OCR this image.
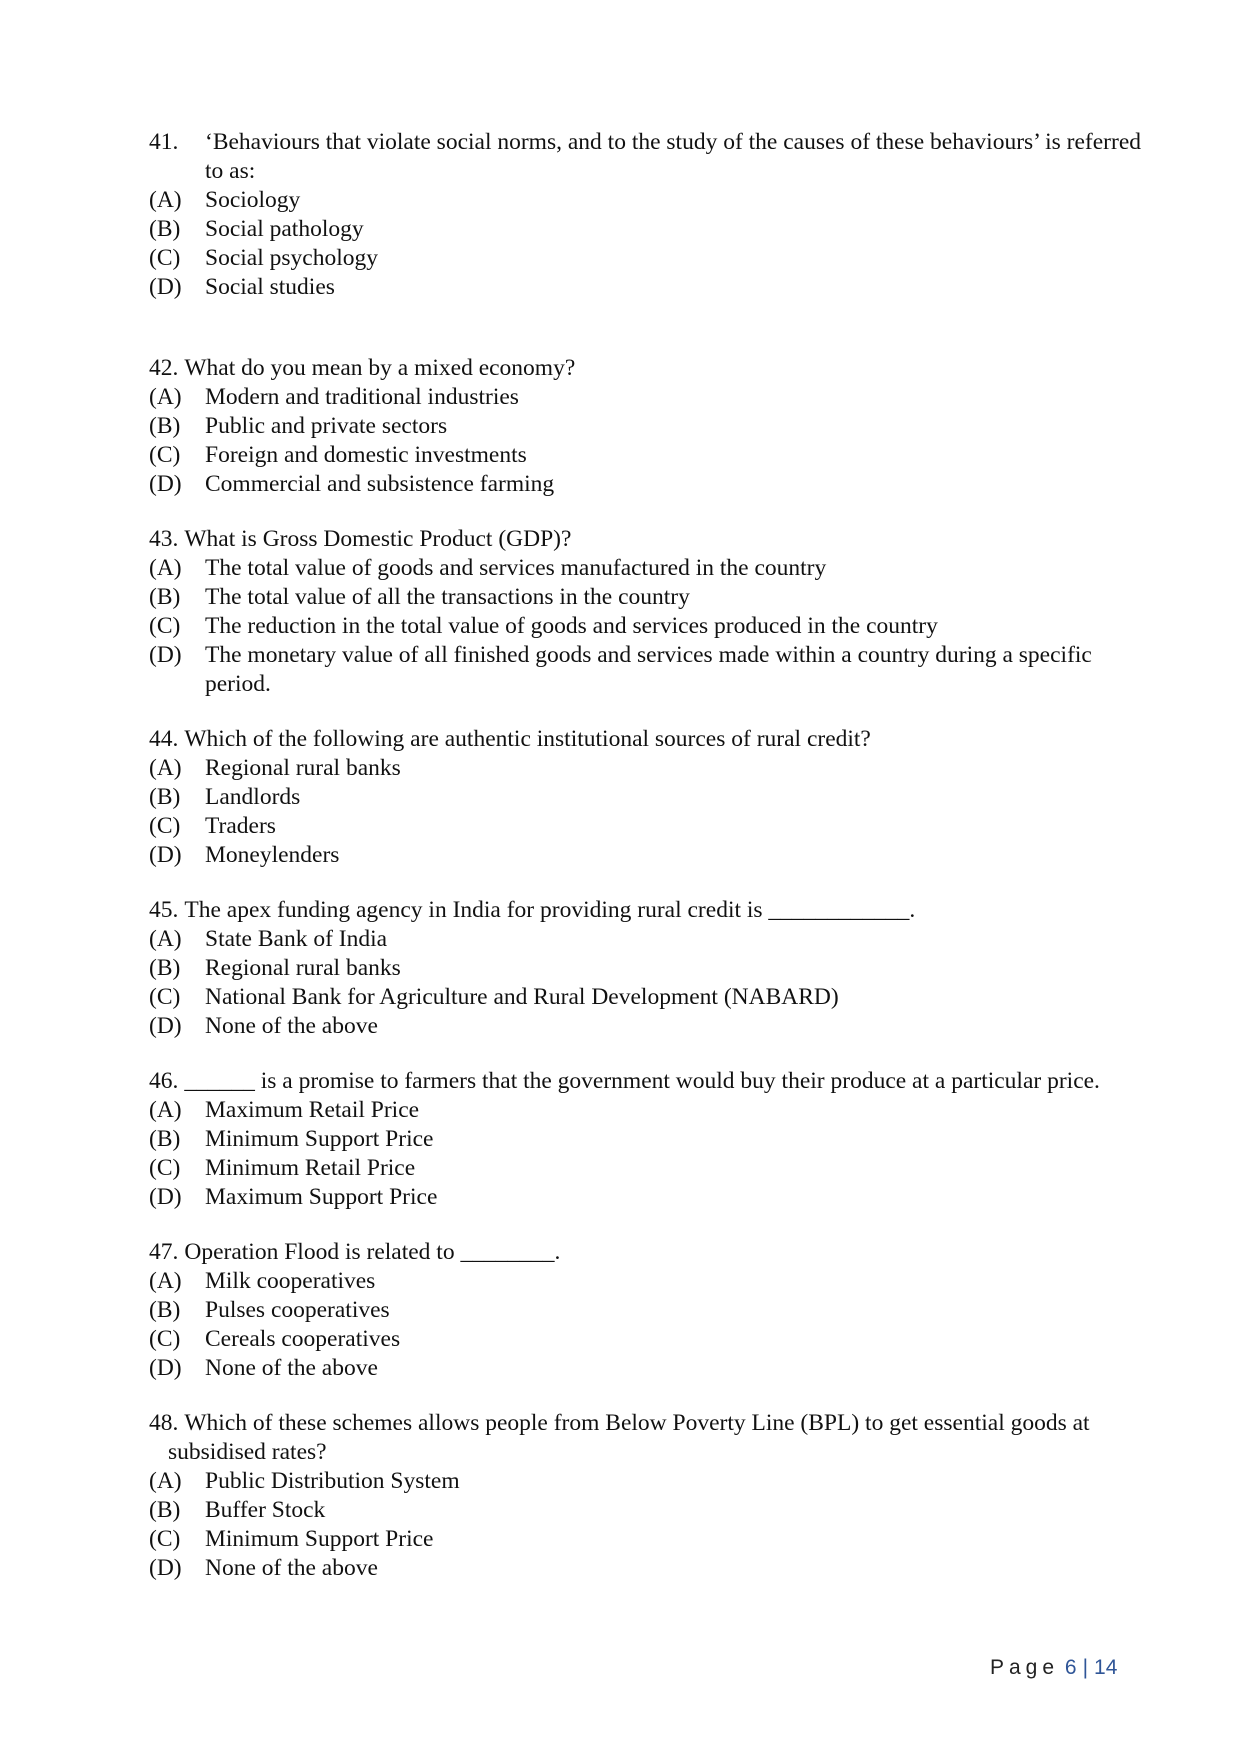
41.	‘Behaviours that violate social norms, and to the study of the causes of these behaviours’ is referred to as:
(A) Sociology
(B)	Social pathology
(C)	Social psychology
(D) Social studies
42. What do you mean by a mixed economy?
(A) Modern and traditional industries
(B)	Public and private sectors
(C)	Foreign and domestic investments
(D) Commercial and subsistence farming
43. What is Gross Domestic Product (GDP)?
(A) The total value of goods and services manufactured in the country
(B)	The total value of all the transactions in the country
(C)	The reduction in the total value of goods and services produced in the country
(D) The monetary value of all finished goods and services made within a country during a specific period.
44. Which of the following are authentic institutional sources of rural credit?
(A) Regional rural banks
(B)	Landlords
(C)	Traders
(D) Moneylenders
45. The apex funding agency in India for providing rural credit is ____________.
(A) State Bank of India
(B)	Regional rural banks
(C)	National Bank for Agriculture and Rural Development (NABARD)
(D) None of the above
46. ______ is a promise to farmers that the government would buy their produce at a particular price.
(A) Maximum Retail Price
(B)	Minimum Support Price
(C)	Minimum Retail Price
(D) Maximum Support Price
47. Operation Flood is related to ________.
(A) Milk cooperatives
(B)	Pulses cooperatives
(C)	Cereals cooperatives
(D) None of the above
48. Which of these schemes allows people from Below Poverty Line (BPL) to get essential goods at subsidised rates?
(A) Public Distribution System
(B)	Buffer Stock
(C)	Minimum Support Price
(D) None of the above
Page 6 | 14
